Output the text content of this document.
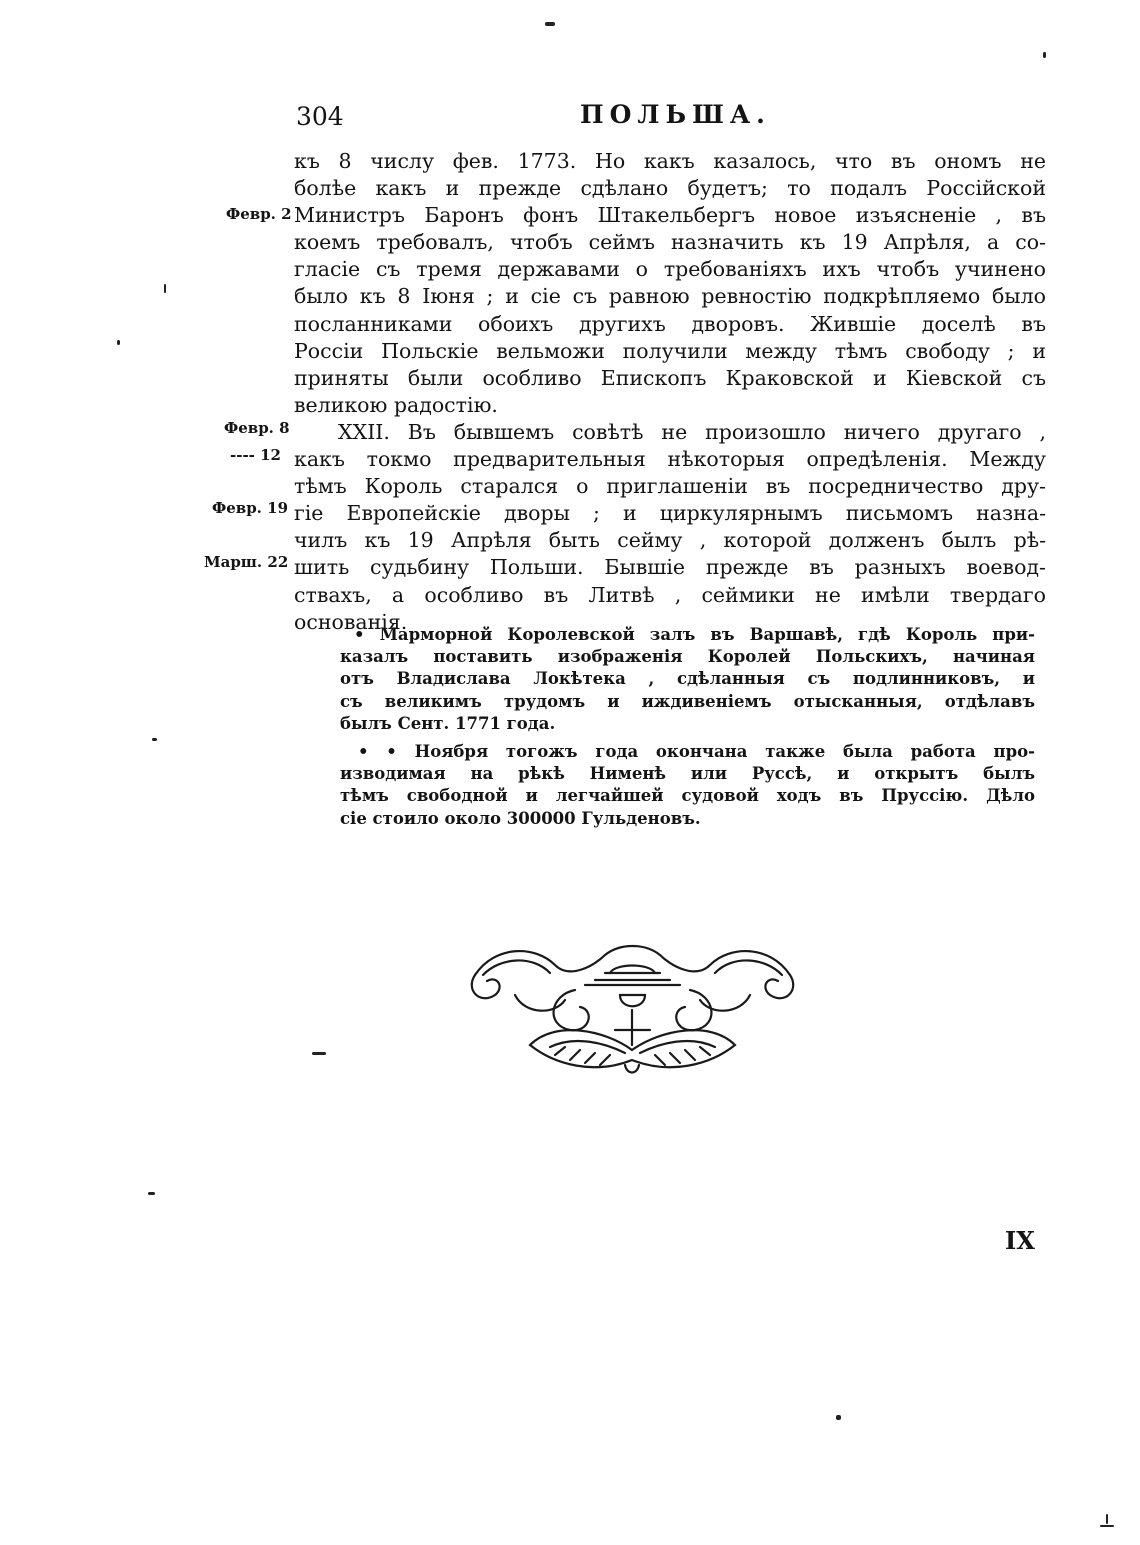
304	ПОЛЬША.
Февр. 2
Февр. 8
---- 12
Февр. 19
Марш. 22
къ 8 числу фев. 1773. Но какъ казалось, что въ ономъ не
болѣе какъ и прежде сдѣлано будетъ; то подалъ Россійской
Министръ Баронъ фонъ Штакельбергъ новое изъясненіе , въ
коемъ требовалъ, чтобъ сеймъ назначить къ 19 Апрѣля, а со-
гласіе съ тремя державами о требованіяхъ ихъ чтобъ учинено
было къ 8 Іюня ; и сіе съ равною ревностію подкрѣпляемо было
посланниками обоихъ другихъ дворовъ. Жившіе доселѣ въ
Россіи Польскіе вельможи получили между тѣмъ свободу ; и
приняты были особливо Епископъ Краковской и Кіевской съ
великою радостію.
XXII. Въ бывшемъ совѣтѣ не произошло ничего другаго ,
какъ токмо предварительныя нѣкоторыя опредѣленія. Между
тѣмъ Король старался о приглашеніи въ посредничество дру-
гіе Европейскіе дворы ; и циркулярнымъ письмомъ назна-
чилъ къ 19 Апрѣля быть сейму , которой долженъ былъ рѣ-
шить судьбину Польши. Бывшіе прежде въ разныхъ воевод-
ствахъ, а особливо въ Литвѣ , сеймики не имѣли твердаго
основанія.
• Марморной Королевской залъ въ Варшавѣ, гдѣ Король при-
казалъ поставить изображенія Королей Польскихъ, начиная
отъ Владислава Локѣтека , сдѣланныя съ подлинниковъ, и
съ великимъ трудомъ и иждивеніемъ отысканныя, отдѣлавъ
былъ Сент. 1771 года.
• • Ноября тогожъ года окончана также была работа про-
изводимая на рѣкѣ Нименѣ или Руссѣ, и открытъ былъ
тѣмъ свободной и легчайшей судовой ходъ въ Пруссію. Дѣло
сіе стоило около 300000 Гульденовъ.
IX
